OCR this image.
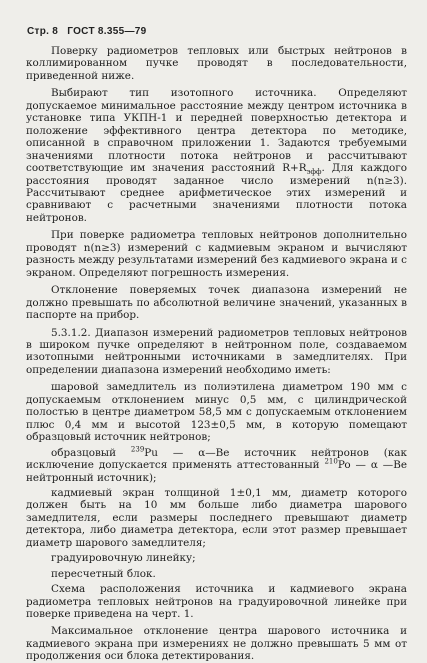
Стр. 8 ГОСТ 8.355—79

Поверку радиометров тепловых или быстрых нейтронов в коллимированном пучке проводят в последовательности, приведенной ниже.

Выбирают тип изотопного источника. Определяют допускаемое минимальное расстояние между центром источника в установке типа УКПН-1 и передней поверхностью детектора и положение эффективного центра детектора по методике, описанной в справочном приложении 1. Задаются требуемыми значениями плотности потока нейтронов и рассчитывают соответствующие им значения расстояний $R+R_{эфф}$. Для каждого расстояния проводят заданное число измерений n(n≥3). Рассчитывают среднее арифметическое этих измерений и сравнивают с расчетными значениями плотности потока нейтронов.

При поверке радиометра тепловых нейтронов дополнительно проводят n(n≥3) измерений с кадмиевым экраном и вычисляют разность между результатами измерений без кадмиевого экрана и с экраном. Определяют погрешность измерения.

Отклонение поверяемых точек диапазона измерений не должно превышать по абсолютной величине значений, указанных в паспорте на прибор.

5.3.1.2. Диапазон измерений радиометров тепловых нейтронов в широком пучке определяют в нейтронном поле, создаваемом изотопными нейтронными источниками в замедлителях. При определении диапазона измерений необходимо иметь:

шаровой замедлитель из полиэтилена диаметром 190 мм с допускаемым отклонением минус 0,5 мм, с цилиндрической полостью в центре диаметром 58,5 мм с допускаемым отклонением плюс 0,4 мм и высотой 123±0,5 мм, в которую помещают образцовый источник нейтронов;

образцовый $^{239}$Pu — α—Be источник нейтронов (как исключение допускается применять аттестованный $^{210}$Po — α —Be нейтронный источник);

кадмиевый экран толщиной 1±0,1 мм, диаметр которого должен быть на 10 мм больше либо диаметра шарового замедлителя, если размеры последнего превышают диаметр детектора, либо диаметра детектора, если этот размер превышает диаметр шарового замедлителя;

градуировочную линейку;

пересчетный блок.

Схема расположения источника и кадмиевого экрана радиометра тепловых нейтронов на градуировочной линейке при поверке приведена на черт. 1.

Максимальное отклонение центра шарового источника и кадмиевого экрана при измерениях не должно превышать 5 мм от продолжения оси блока детектирования.
